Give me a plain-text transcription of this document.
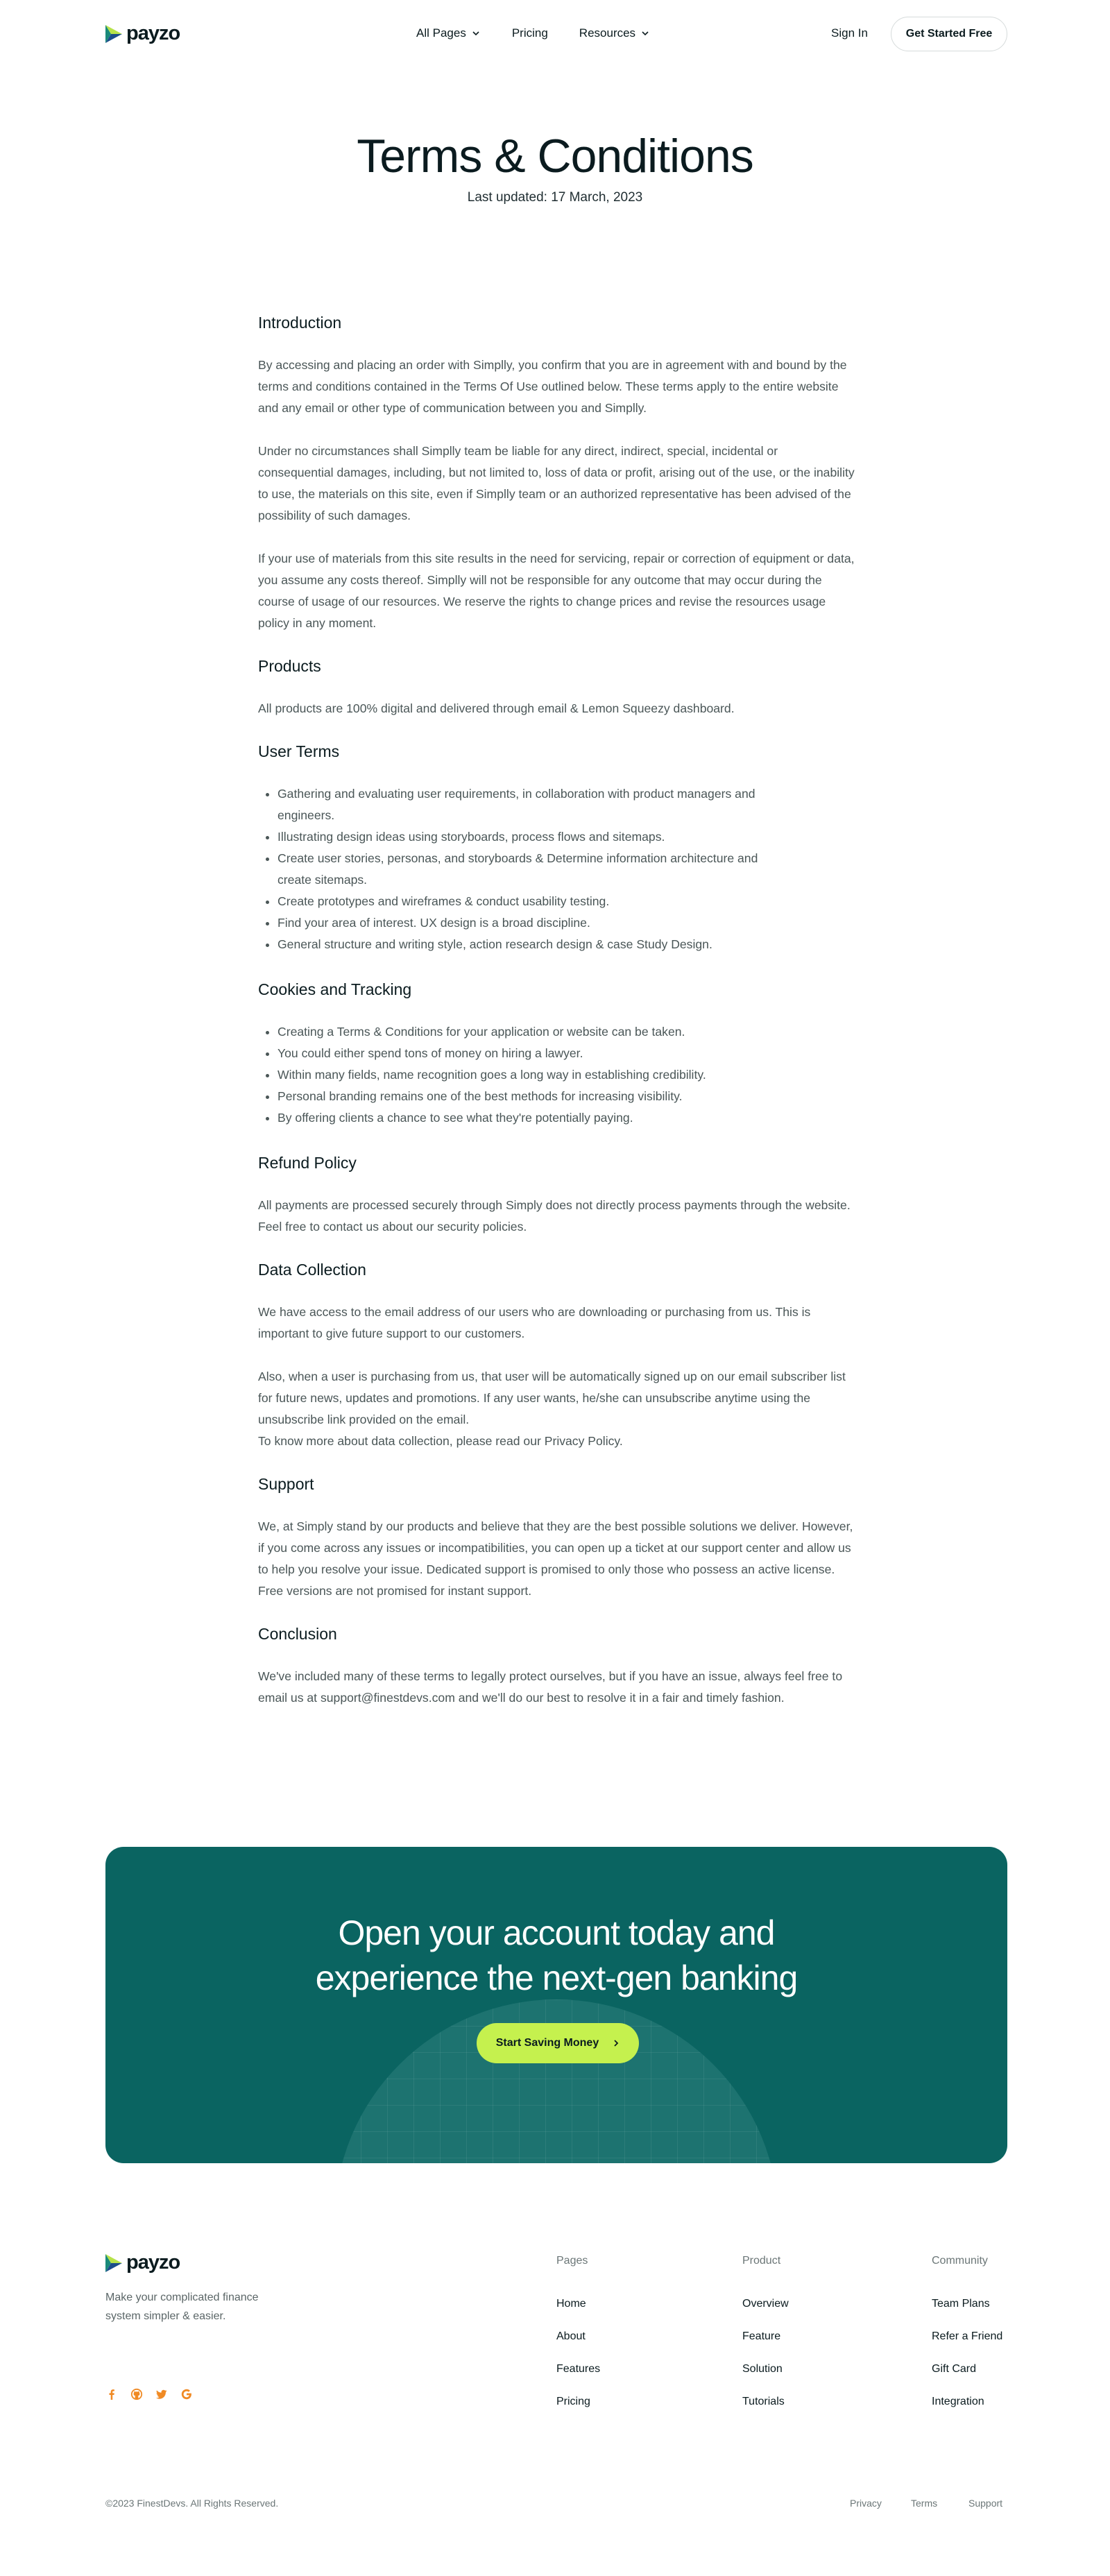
payzo	All Pages	Pricing	Resources	Sign In	Get Started Free
Terms & Conditions

Last updated: 17 March, 2023

Introduction

By accessing and placing an order with Simplly, you confirm that you are in agreement with and bound by the terms and conditions contained in the Terms Of Use outlined below. These terms apply to the entire website and any email or other type of communication between you and Simplly.

Under no circumstances shall Simplly team be liable for any direct, indirect, special, incidental or consequential damages, including, but not limited to, loss of data or profit, arising out of the use, or the inability to use, the materials on this site, even if Simplly team or an authorized representative has been advised of the possibility of such damages.

If your use of materials from this site results in the need for servicing, repair or correction of equipment or data, you assume any costs thereof. Simplly will not be responsible for any outcome that may occur during the course of usage of our resources. We reserve the rights to change prices and revise the resources usage policy in any moment.

Products

All products are 100% digital and delivered through email & Lemon Squeezy dashboard.

User Terms
• Gathering and evaluating user requirements, in collaboration with product managers and engineers.
• Illustrating design ideas using storyboards, process flows and sitemaps.
• Create user stories, personas, and storyboards & Determine information architecture and create sitemaps.
• Create prototypes and wireframes & conduct usability testing.
• Find your area of interest. UX design is a broad discipline.
• General structure and writing style, action research design & case Study Design.
Cookies and Tracking
• Creating a Terms & Conditions for your application or website can be taken.
• You could either spend tons of money on hiring a lawyer.
• Within many fields, name recognition goes a long way in establishing credibility.
• Personal branding remains one of the best methods for increasing visibility.
• By offering clients a chance to see what they're potentially paying.
Refund Policy

All payments are processed securely through Simply does not directly process payments through the website. Feel free to contact us about our security policies.

Data Collection

We have access to the email address of our users who are downloading or purchasing from us. This is important to give future support to our customers.

Also, when a user is purchasing from us, that user will be automatically signed up on our email subscriber list for future news, updates and promotions. If any user wants, he/she can unsubscribe anytime using the unsubscribe link provided on the email.

To know more about data collection, please read our Privacy Policy.

Support

We, at Simply stand by our products and believe that they are the best possible solutions we deliver. However, if you come across any issues or incompatibilities, you can open up a ticket at our support center and allow us to help you resolve your issue. Dedicated support is promised to only those who possess an active license. Free versions are not promised for instant support.

Conclusion

We've included many of these terms to legally protect ourselves, but if you have an issue, always feel free to email us at support@finestdevs.com and we'll do our best to resolve it in a fair and timely fashion.

Open your account today and
experience the next-gen banking
Start Saving Money
payzo

Make your complicated finance system simpler & easier.

Pages
Home
About
Features
Pricing
Product
Overview
Feature
Solution
Tutorials
Community
Team Plans
Refer a Friend
Gift Card
Integration
©2023 FinestDevs. All Rights Reserved.	Privacy	Terms	Support
